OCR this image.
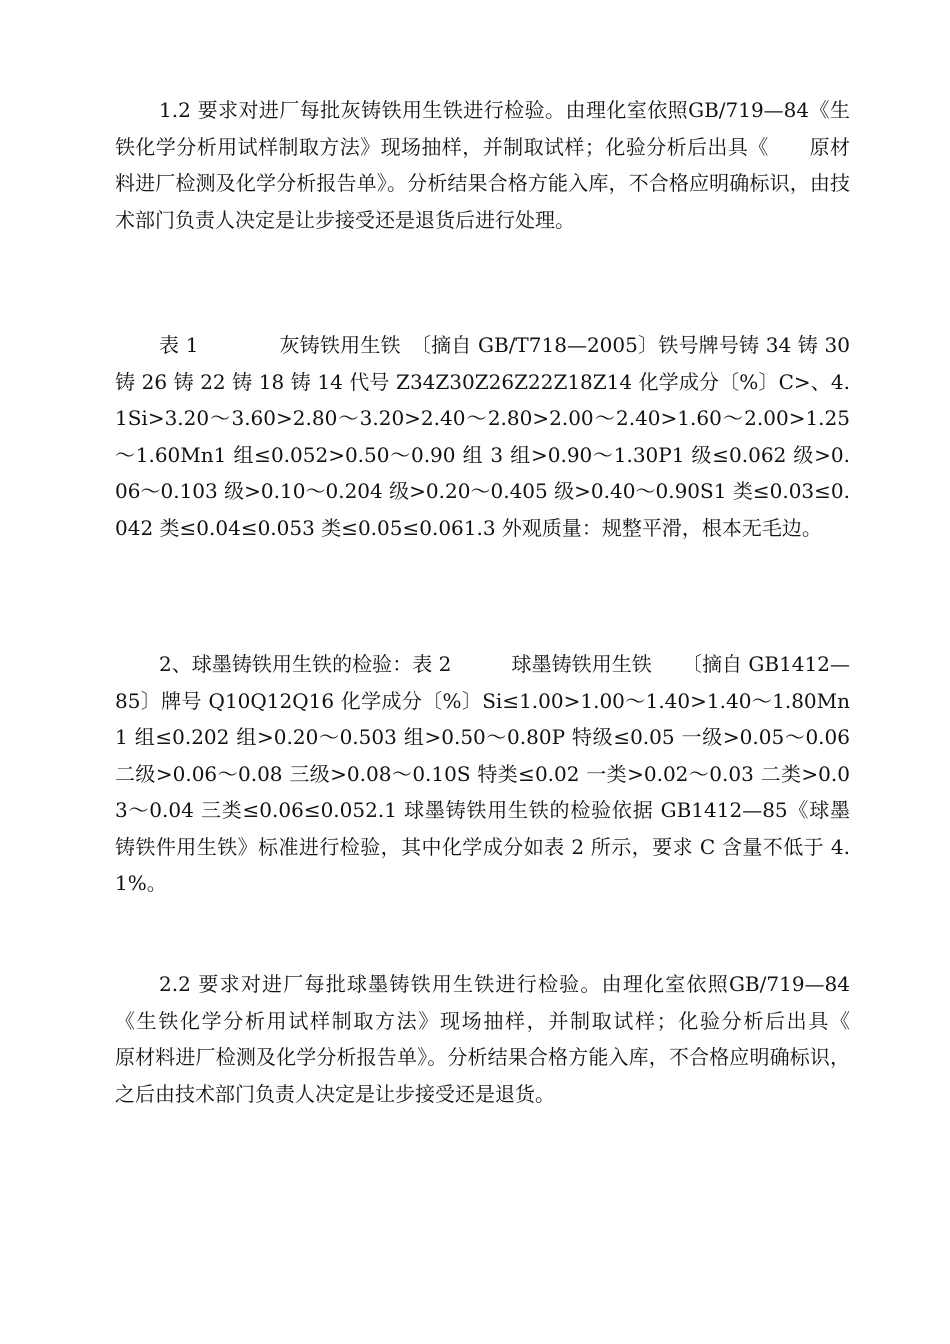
1.2 要求对进厂每批灰铸铁用生铁进行检验。由理化室依照GB/719—84《生铁化学分析用试样制取方法》现场抽样，并制取试样；化验分析后出具《　　原材料进厂检测及化学分析报告单》。分析结果合格方能入库，不合格应明确标识，由技术部门负责人决定是让步接受还是退货后进行处理。

表 1　　　　灰铸铁用生铁　〔摘自 GB/T718—2005〕铁号牌号铸 34 铸 30 铸 26 铸 22 铸 18 铸 14 代号 Z34Z30Z26Z22Z18Z14 化学成分〔%〕C>、4.1Si>3.20～3.60>2.80～3.20>2.40～2.80>2.00～2.40>1.60～2.00>1.25～1.60Mn1 组≤0.052>0.50～0.90 组 3 组>0.90～1.30P1 级≤0.062 级>0.06～0.103 级>0.10～0.204 级>0.20～0.405 级>0.40～0.90S1 类≤0.03≤0.042 类≤0.04≤0.053 类≤0.05≤0.061.3 外观质量：规整平滑，根本无毛边。

2、球墨铸铁用生铁的检验：表 2　　　球墨铸铁用生铁　　〔摘自 GB1412—85〕牌号 Q10Q12Q16 化学成分〔%〕Si≤1.00>1.00～1.40>1.40～1.80Mn1 组≤0.202 组>0.20～0.503 组>0.50～0.80P 特级≤0.05 一级>0.05～0.06 二级>0.06～0.08 三级>0.08～0.10S 特类≤0.02 一类>0.02～0.03 二类>0.03～0.04 三类≤0.06≤0.052.1 球墨铸铁用生铁的检验依据 GB1412—85《球墨铸铁件用生铁》标准进行检验，其中化学成分如表 2 所示，要求 C 含量不低于 4.1%。

2.2 要求对进厂每批球墨铸铁用生铁进行检验。由理化室依照GB/719—84《生铁化学分析用试样制取方法》现场抽样，并制取试样；化验分析后出具《　　原材料进厂检测及化学分析报告单》。分析结果合格方能入库，不合格应明确标识，之后由技术部门负责人决定是让步接受还是退货。
